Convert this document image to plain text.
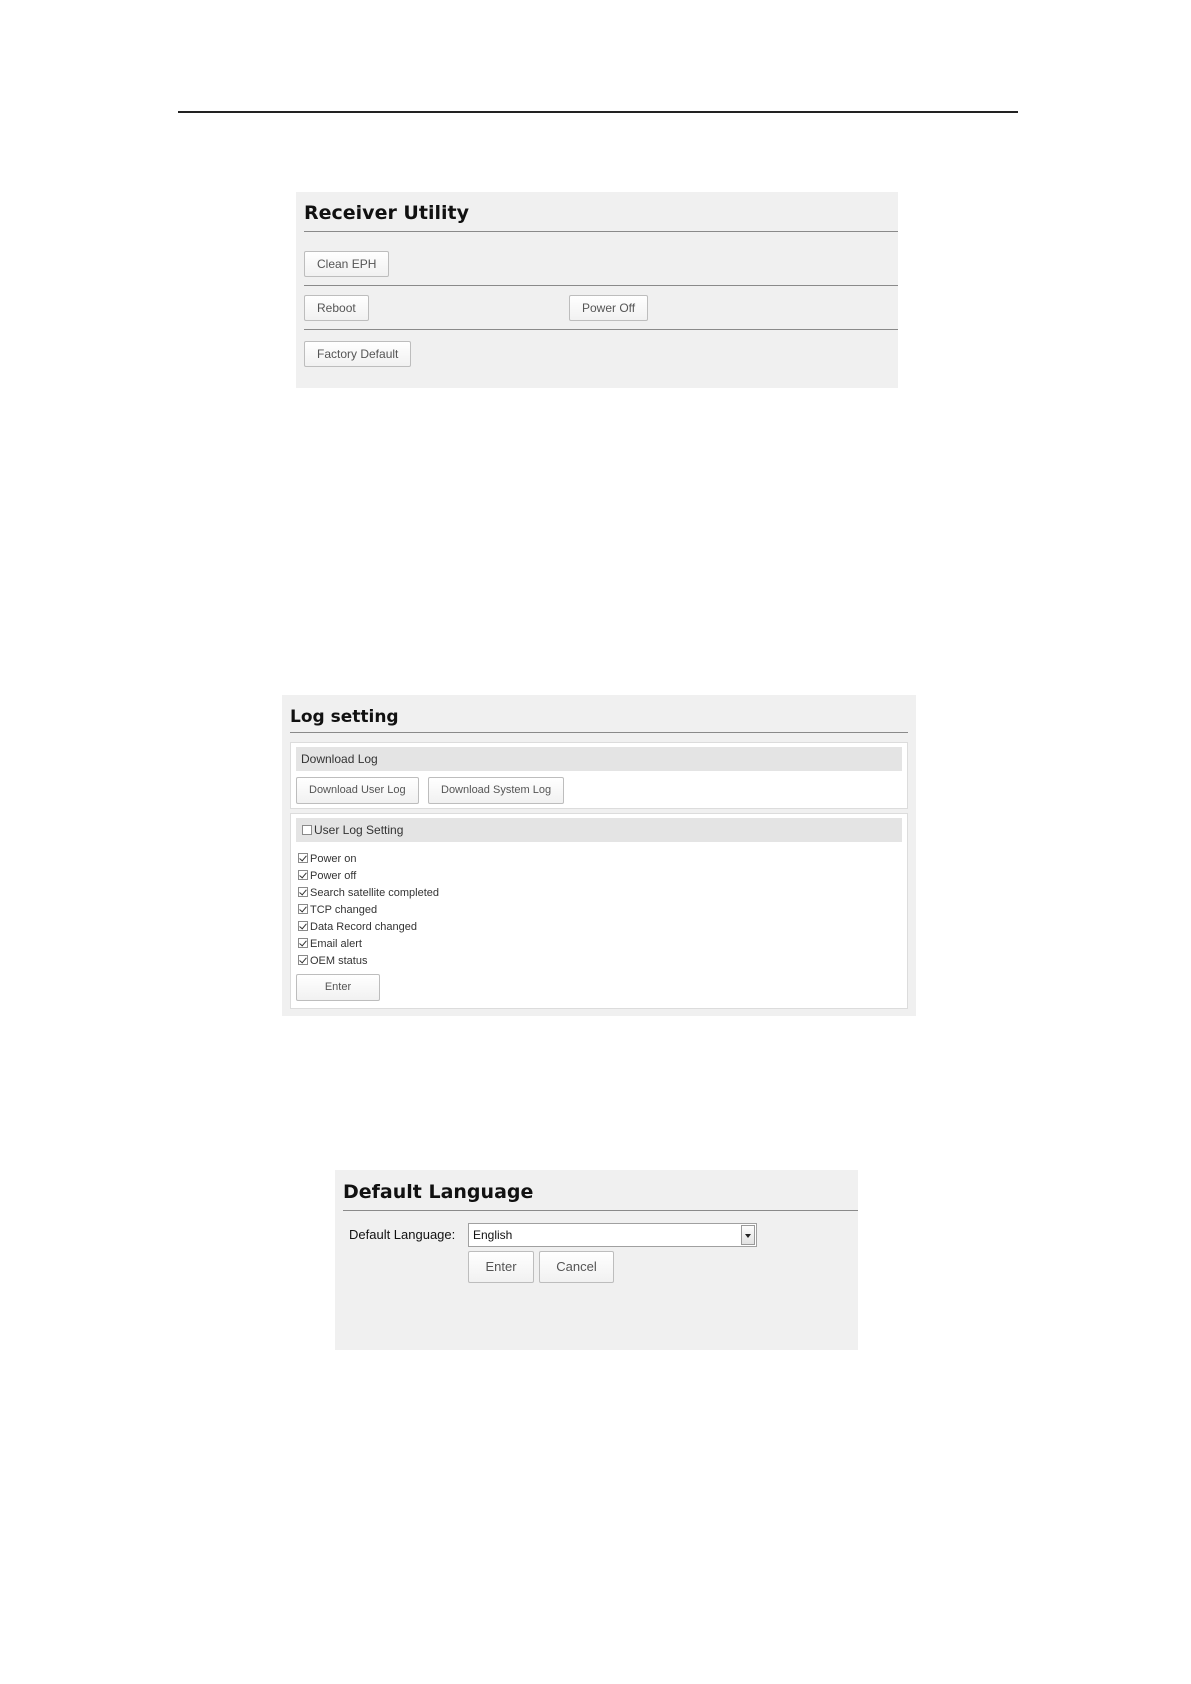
Receiver Utility
Clean EPH
Reboot	Power Off
Factory Default
Log setting
Download Log
Download User Log	Download System Log
User Log Setting
Power on
Power off
Search satellite completed
TCP changed
Data Record changed
Email alert
OEM status
Enter
Default Language
Default Language:	English
Enter	Cancel
